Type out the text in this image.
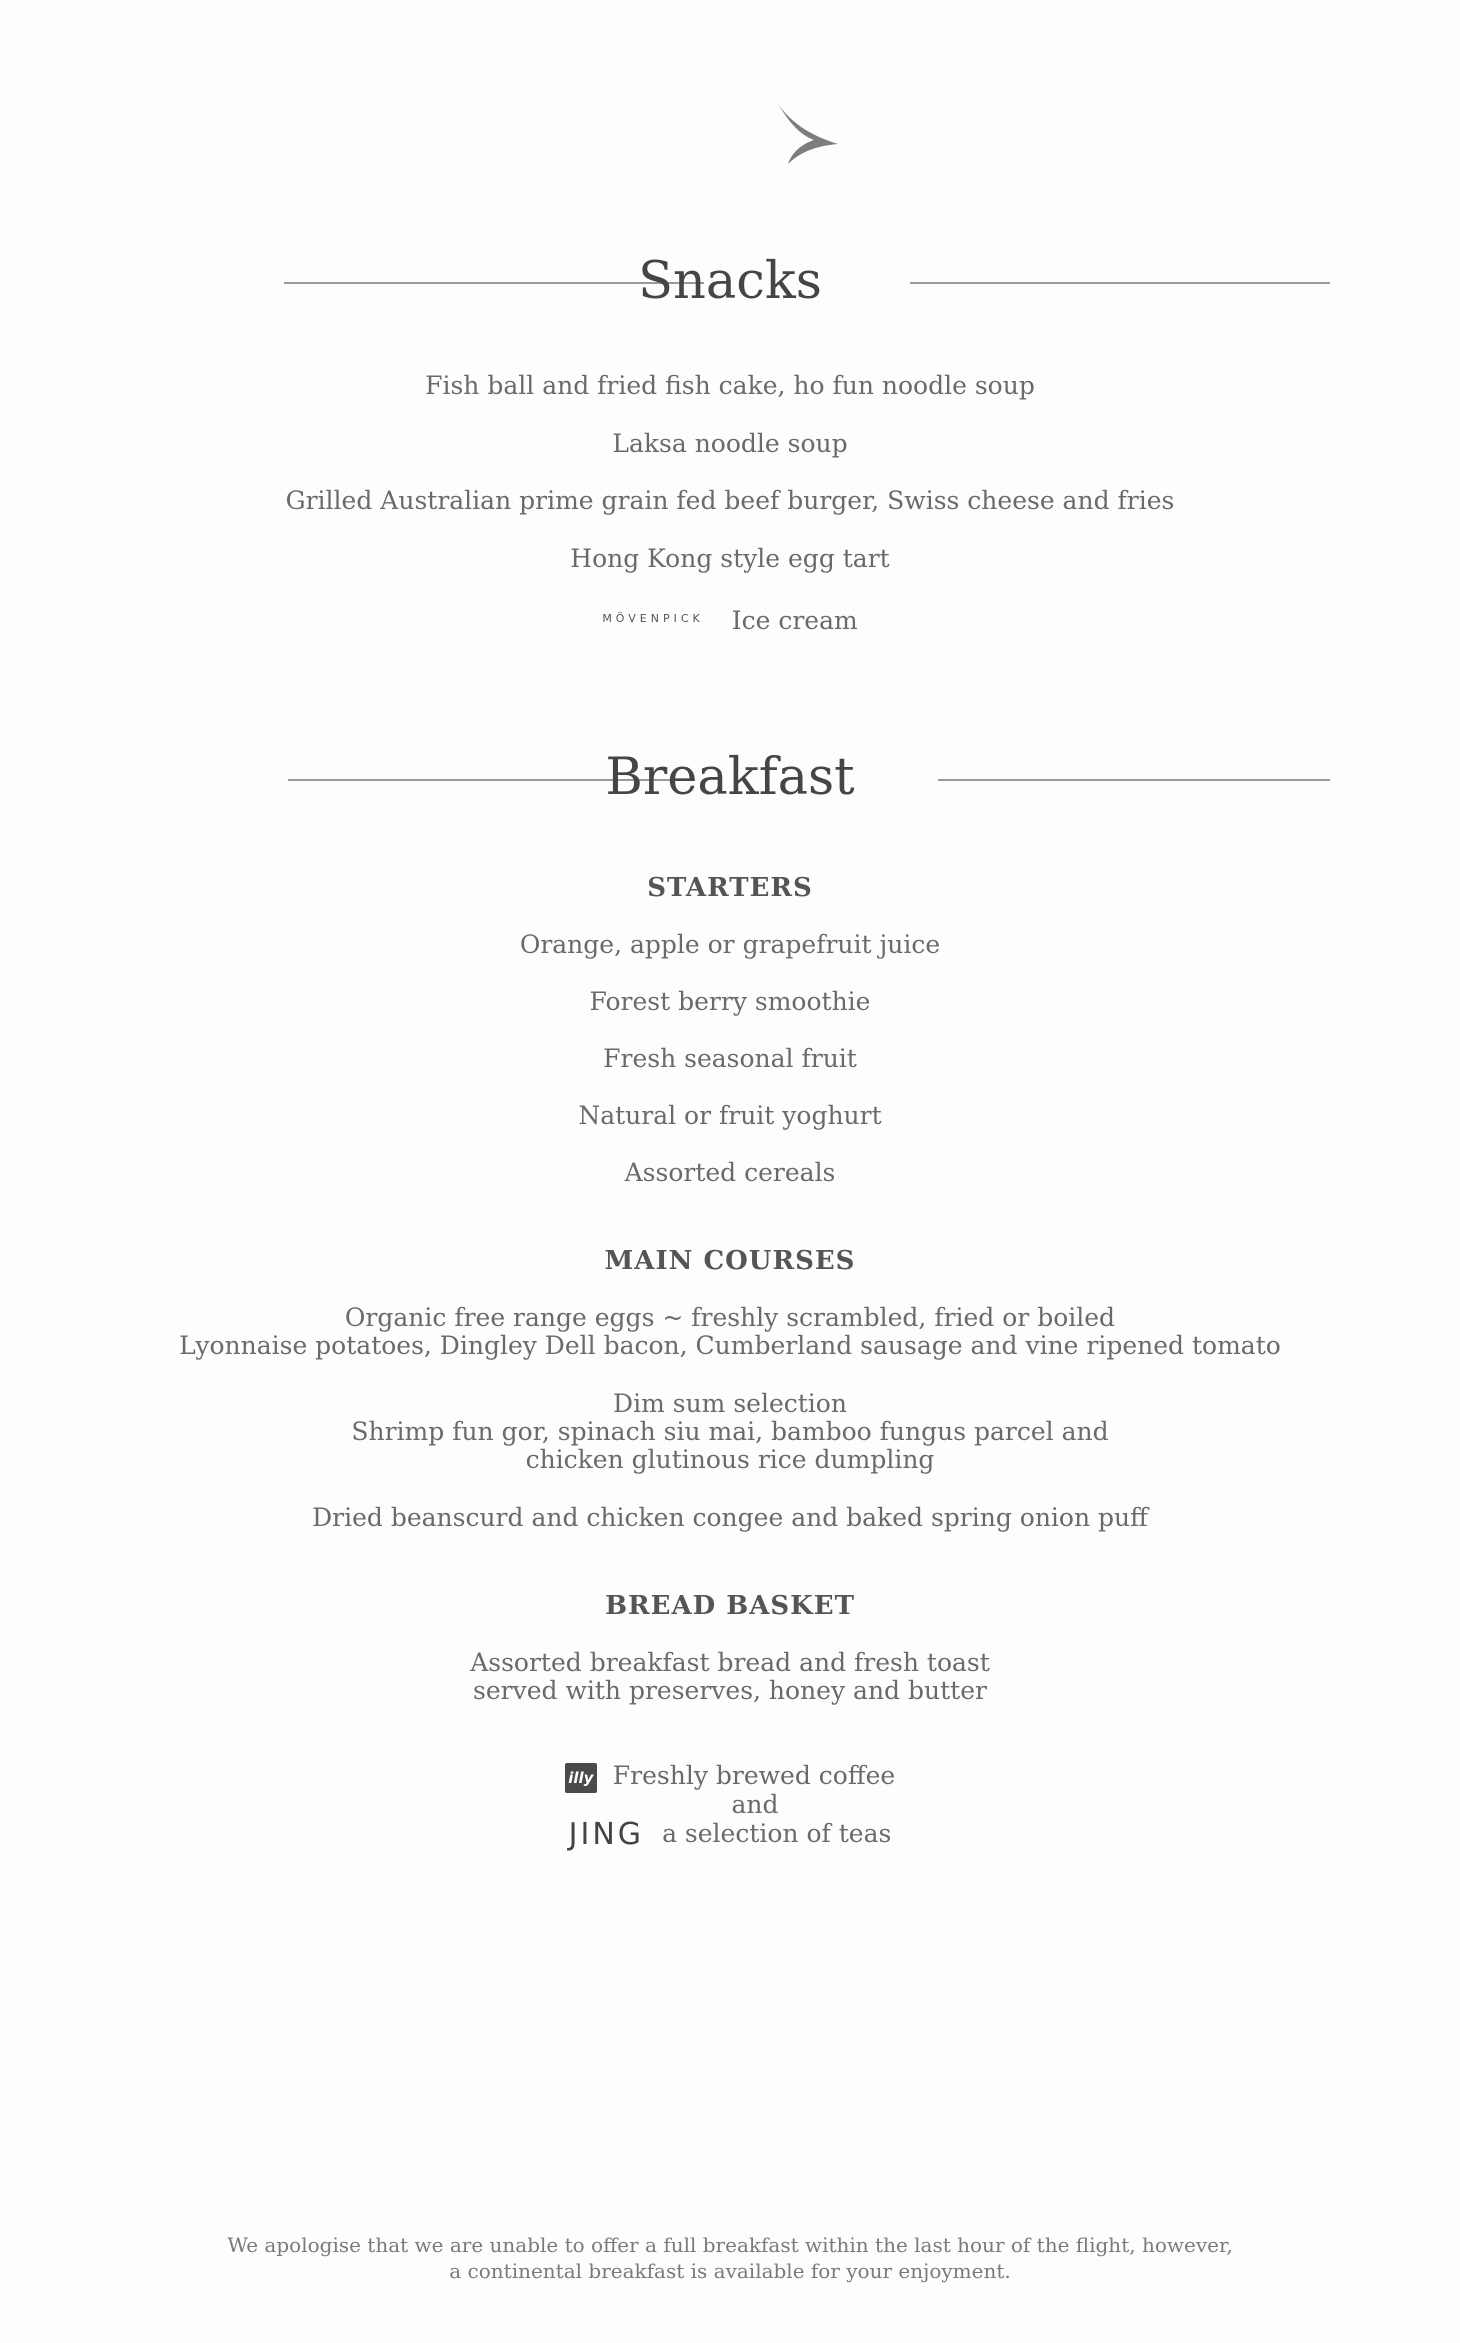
Snacks
Fish ball and fried fish cake, ho fun noodle soup
Laksa noodle soup
Grilled Australian prime grain fed beef burger, Swiss cheese and fries
Hong Kong style egg tart
MÖVENPICK Ice cream
Breakfast
STARTERS
Orange, apple or grapefruit juice
Forest berry smoothie
Fresh seasonal fruit
Natural or fruit yoghurt
Assorted cereals
MAIN COURSES
Organic free range eggs ~ freshly scrambled, fried or boiled
Lyonnaise potatoes, Dingley Dell bacon, Cumberland sausage and vine ripened tomato
Dim sum selection
Shrimp fun gor, spinach siu mai, bamboo fungus parcel and
chicken glutinous rice dumpling
Dried beanscurd and chicken congee and baked spring onion puff
BREAD BASKET
Assorted breakfast bread and fresh toast
served with preserves, honey and butter
illy Freshly brewed coffee
and
JING a selection of teas
We apologise that we are unable to offer a full breakfast within the last hour of the flight, however,
a continental breakfast is available for your enjoyment.
